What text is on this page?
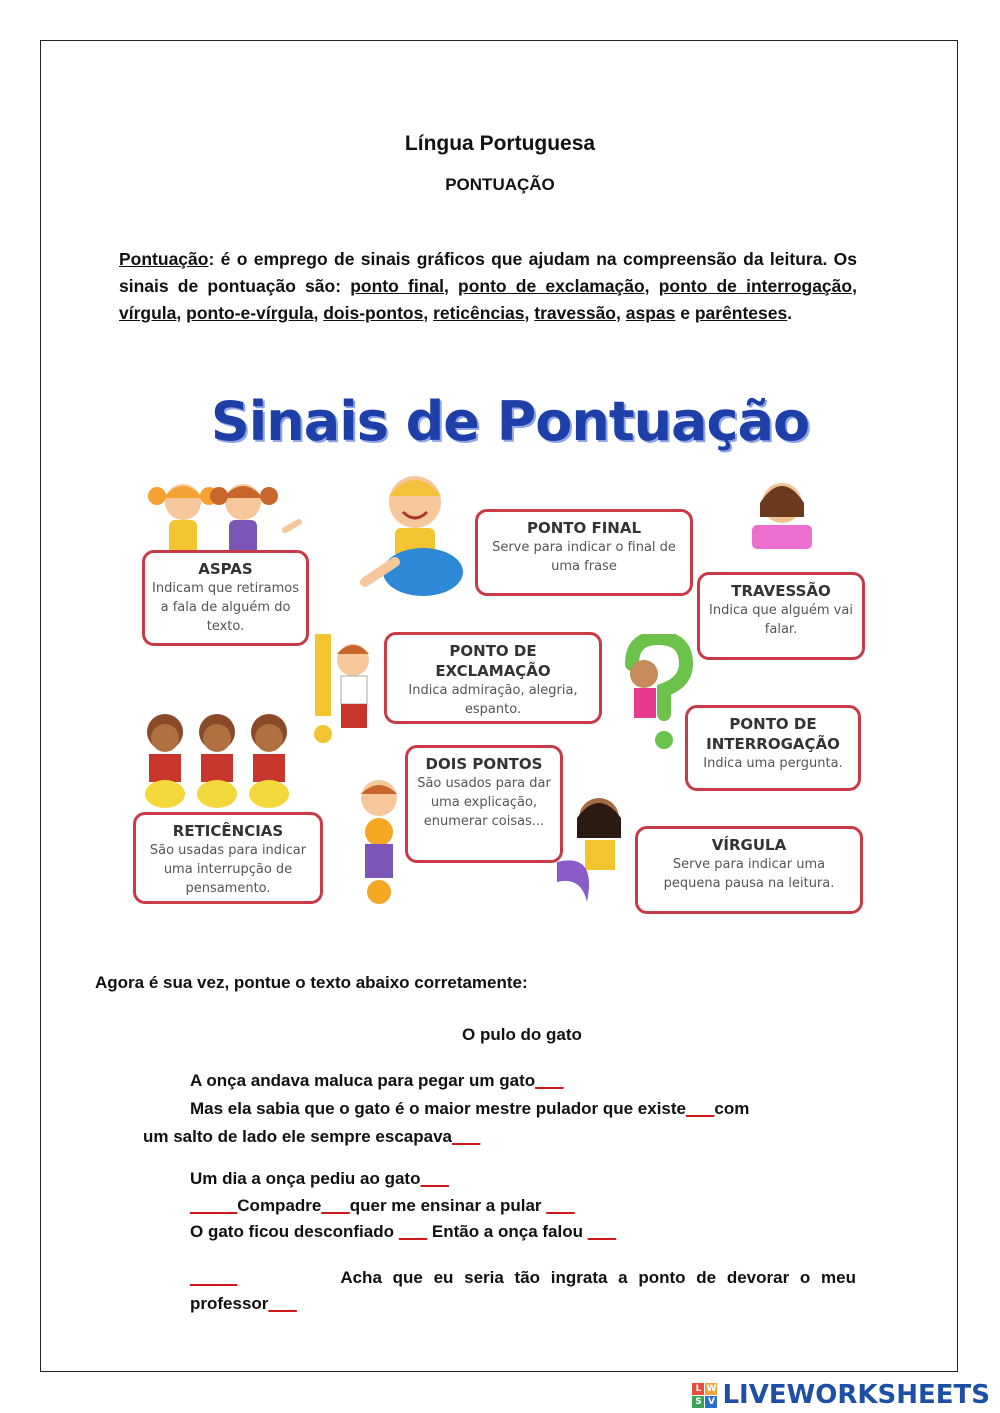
Língua Portuguesa
PONTUAÇÃO
Pontuação: é o emprego de sinais gráficos que ajudam na compreensão da leitura. Os sinais de pontuação são: ponto final, ponto de exclamação, ponto de interrogação, vírgula, ponto-e-vírgula, dois-pontos, reticências, travessão, aspas e parênteses.
Sinais de Pontuação
PONTO FINAL
Serve para indicar o final de uma frase
ASPAS
Indicam que retiramos a fala de alguém do texto.
TRAVESSÃO
Indica que alguém vai falar.
PONTO DE EXCLAMAÇÃO
Indica admiração, alegria, espanto.
PONTO DE INTERROGAÇÃO
Indica uma pergunta.
DOIS PONTOS
São usados para dar uma explicação, enumerar coisas...
RETICÊNCIAS
São usadas para indicar uma interrupção de pensamento.
VÍRGULA
Serve para indicar uma pequena pausa na leitura.
Agora é sua vez, pontue o texto abaixo corretamente:
O pulo do gato
A onça andava maluca para pegar um gato___
Mas ela sabia que o gato é o maior mestre pulador que existe___com
um salto de lado ele sempre escapava___
Um dia a onça pediu ao gato___
_____Compadre___quer me ensinar a pular ___
O gato ficou desconfiado ___ Então a onça falou ___
_____	Acha que eu seria tão ingrata a ponto de devorar o meu
professor___
L W
S V LIVEWORKSHEETS
